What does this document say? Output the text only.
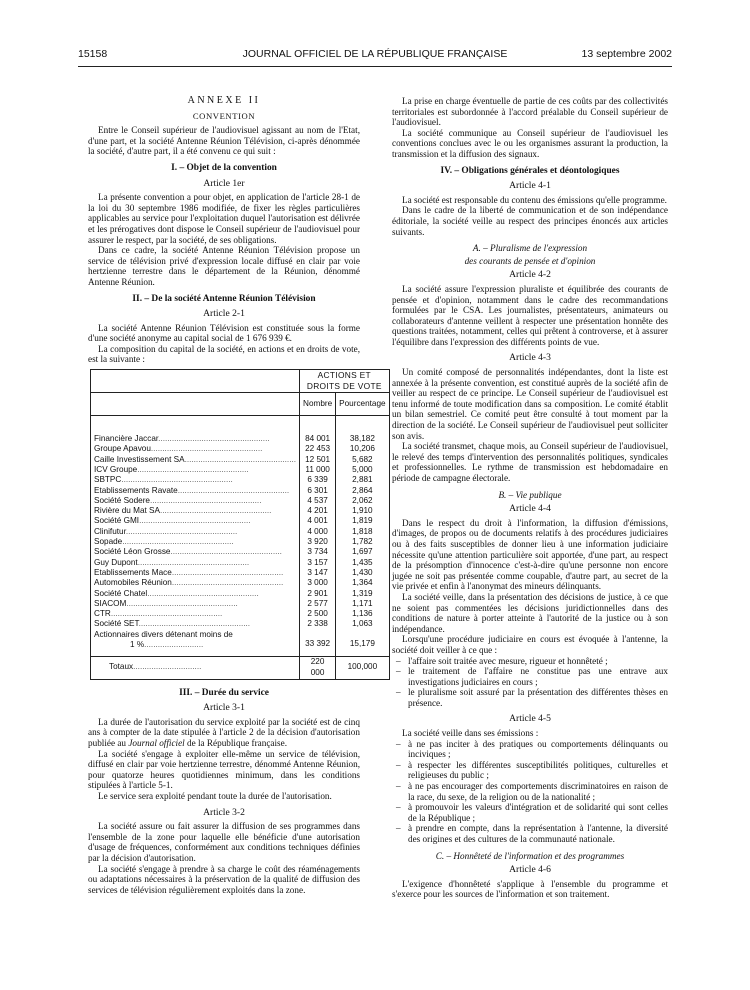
15158	JOURNAL OFFICIEL DE LA RÉPUBLIQUE FRANÇAISE	13 septembre 2002
ANNEXE II
CONVENTION

Entre le Conseil supérieur de l'audiovisuel agissant au nom de l'Etat, d'une part, et la société Antenne Réunion Télévision, ci-après dénommée la société, d'autre part, il a été convenu ce qui suit :

I. – Objet de la convention
Article 1er

La présente convention a pour objet, en application de l'article 28-1 de la loi du 30 septembre 1986 modifiée, de fixer les règles particulières applicables au service pour l'exploitation duquel l'autorisation est délivrée et les prérogatives dont dispose le Conseil supérieur de l'audiovisuel pour assurer le respect, par la société, de ses obligations.

Dans ce cadre, la société Antenne Réunion Télévision propose un service de télévision privé d'expression locale diffusé en clair par voie hertzienne terrestre dans le département de la Réunion, dénommé Antenne Réunion.

II. – De la société Antenne Réunion Télévision
Article 2-1

La société Antenne Réunion Télévision est constituée sous la forme d'une société anonyme au capital social de 1 676 939 €.

La composition du capital de la société, en actions et en droits de vote, est la suivante :

	ACTIONS ET DROITS DE VOTE	
	Nombre	Pourcentage
Financière Jaccar.................................................	84 001	38,182
Groupe Apavou.................................................	22 453	10,206
Caille Investissement SA.................................................	12 501	5,682
ICV Groupe.................................................	11 000	5,000
SBTPC.................................................	6 339	2,881
Etablissements Ravate.................................................	6 301	2,864
Société Sodere.................................................	4 537	2,062
Rivière du Mat SA.................................................	4 201	1,910
Société GMI.................................................	4 001	1,819
Clinifutur.................................................	4 000	1,818
Sopade.................................................	3 920	1,782
Société Léon Grosse.................................................	3 734	1,697
Guy Dupont.................................................	3 157	1,435
Etablissements Mace.................................................	3 147	1,430
Automobiles Réunion.................................................	3 000	1,364
Société Chatel.................................................	2 901	1,319
SIACOM.................................................	2 577	1,171
CTR.................................................	2 500	1,136
Société SET.................................................	2 338	1,063
Actionnaires divers détenant moins de
1 %..........................	33 392	15,179
Totaux..............................	220 000	100,000
III. – Durée du service
Article 3-1

La durée de l'autorisation du service exploité par la société est de cinq ans à compter de la date stipulée à l'article 2 de la décision d'autorisation publiée au Journal officiel de la République française.

La société s'engage à exploiter elle-même un service de télévision, diffusé en clair par voie hertzienne terrestre, dénommé Antenne Réunion, pour quatorze heures quotidiennes minimum, dans les conditions stipulées à l'article 5-1.

Le service sera exploité pendant toute la durée de l'autorisation.

Article 3-2

La société assure ou fait assurer la diffusion de ses programmes dans l'ensemble de la zone pour laquelle elle bénéficie d'une autorisation d'usage de fréquences, conformément aux conditions techniques définies par la décision d'autorisation.

La société s'engage à prendre à sa charge le coût des réaménagements ou adaptations nécessaires à la préservation de la qualité de diffusion des services de télévision régulièrement exploités dans la zone.

La prise en charge éventuelle de partie de ces coûts par des collectivités territoriales est subordonnée à l'accord préalable du Conseil supérieur de l'audiovisuel.

La société communique au Conseil supérieur de l'audiovisuel les conventions conclues avec le ou les organismes assurant la production, la transmission et la diffusion des signaux.

IV. – Obligations générales et déontologiques
Article 4-1

La société est responsable du contenu des émissions qu'elle programme.

Dans le cadre de la liberté de communication et de son indépendance éditoriale, la société veille au respect des principes énoncés aux articles suivants.

A. – Pluralisme de l'expression
des courants de pensée et d'opinion
Article 4-2

La société assure l'expression pluraliste et équilibrée des courants de pensée et d'opinion, notamment dans le cadre des recommandations formulées par le CSA. Les journalistes, présentateurs, animateurs ou collaborateurs d'antenne veillent à respecter une présentation honnête des questions traitées, notamment, celles qui prêtent à controverse, et à assurer l'équilibre dans l'expression des différents points de vue.

Article 4-3

Un comité composé de personnalités indépendantes, dont la liste est annexée à la présente convention, est constitué auprès de la société afin de veiller au respect de ce principe. Le Conseil supérieur de l'audiovisuel est tenu informé de toute modification dans sa composition. Le comité établit un bilan semestriel. Ce comité peut être consulté à tout moment par la direction de la société. Le Conseil supérieur de l'audiovisuel peut solliciter son avis.

La société transmet, chaque mois, au Conseil supérieur de l'audiovisuel, le relevé des temps d'intervention des personnalités politiques, syndicales et professionnelles. Le rythme de transmission est hebdomadaire en période de campagne électorale.

B. – Vie publique
Article 4-4

Dans le respect du droit à l'information, la diffusion d'émissions, d'images, de propos ou de documents relatifs à des procédures judiciaires ou à des faits susceptibles de donner lieu à une information judiciaire nécessite qu'une attention particulière soit apportée, d'une part, au respect de la présomption d'innocence c'est-à-dire qu'une personne non encore jugée ne soit pas présentée comme coupable, d'autre part, au secret de la vie privée et enfin à l'anonymat des mineurs délinquants.

La société veille, dans la présentation des décisions de justice, à ce que ne soient pas commentées les décisions juridictionnelles dans des conditions de nature à porter atteinte à l'autorité de la justice ou à son indépendance.

Lorsqu'une procédure judiciaire en cours est évoquée à l'antenne, la société doit veiller à ce que :

– l'affaire soit traitée avec mesure, rigueur et honnêteté ;
– le traitement de l'affaire ne constitue pas une entrave aux investigations judiciaires en cours ;
– le pluralisme soit assuré par la présentation des différentes thèses en présence.
Article 4-5

La société veille dans ses émissions :

– à ne pas inciter à des pratiques ou comportements délinquants ou inciviques ;
– à respecter les différentes susceptibilités politiques, culturelles et religieuses du public ;
– à ne pas encourager des comportements discriminatoires en raison de la race, du sexe, de la religion ou de la nationalité ;
– à promouvoir les valeurs d'intégration et de solidarité qui sont celles de la République ;
– à prendre en compte, dans la représentation à l'antenne, la diversité des origines et des cultures de la communauté nationale.
C. – Honnêteté de l'information et des programmes
Article 4-6

L'exigence d'honnêteté s'applique à l'ensemble du programme et s'exerce pour les sources de l'information et son traitement.
